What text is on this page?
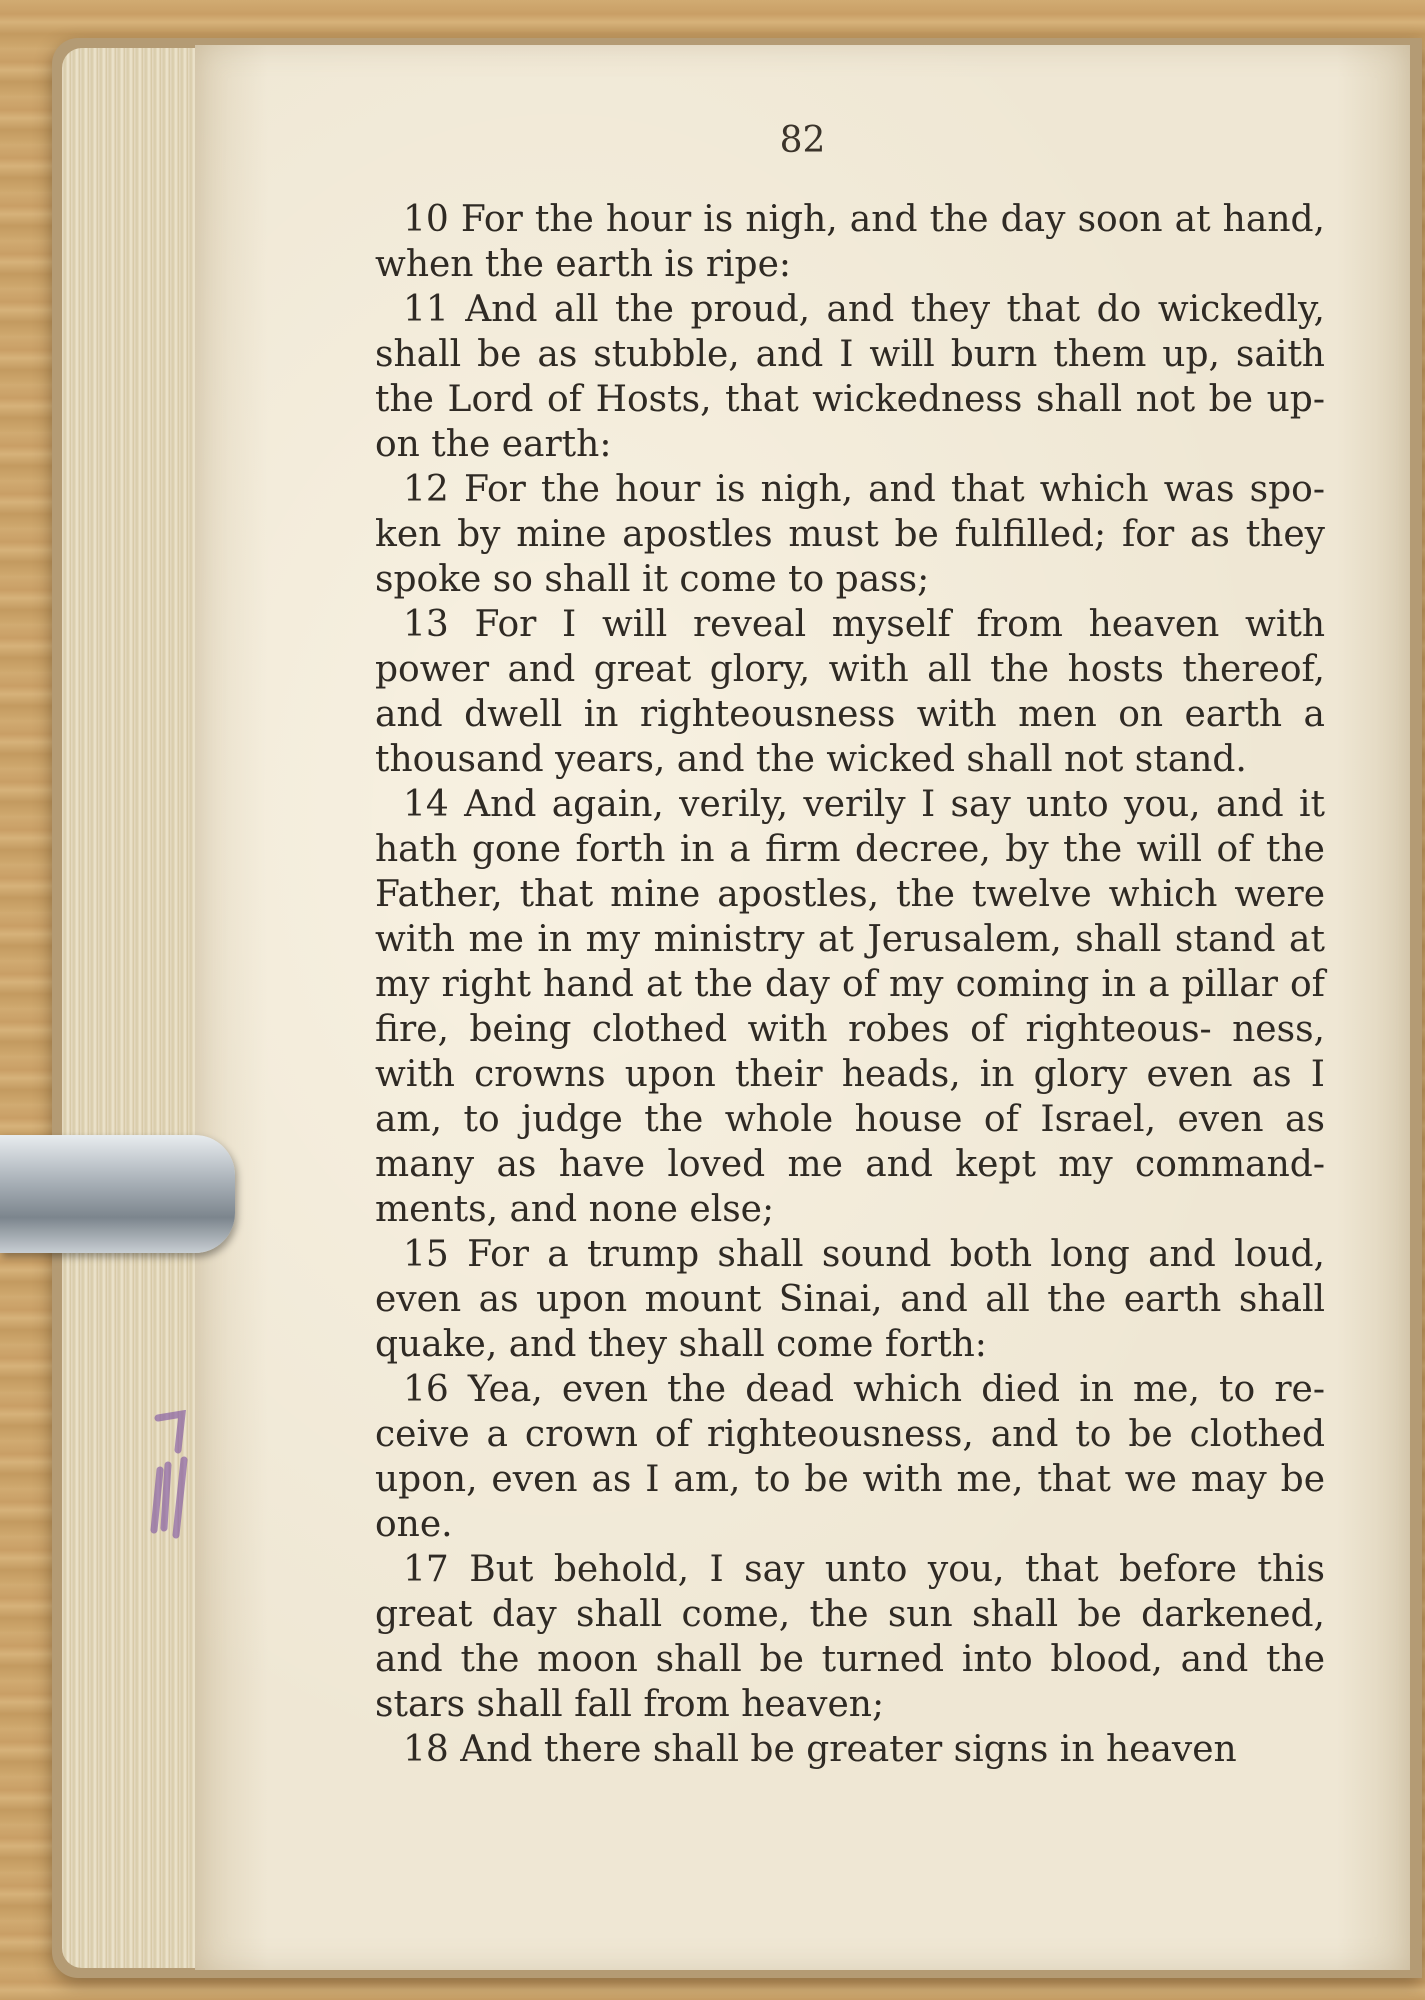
82

10 For the hour is nigh, and the day soon at hand, when the earth is ripe:

11 And all the proud, and they that do wickedly, shall be as stubble, and I will burn them up, saith the Lord of Hosts, that wickedness shall not be up- on the earth:

12 For the hour is nigh, and that which was spo- ken by mine apostles must be fulfilled; for as they spoke so shall it come to pass;

13 For I will reveal myself from heaven with power and great glory, with all the hosts thereof, and dwell in righteousness with men on earth a thousand years, and the wicked shall not stand.

14 And again, verily, verily I say unto you, and it hath gone forth in a firm decree, by the will of the Father, that mine apostles, the twelve which were with me in my ministry at Jerusalem, shall stand at my right hand at the day of my coming in a pillar of fire, being clothed with robes of righteous- ness, with crowns upon their heads, in glory even as I am, to judge the whole house of Israel, even as many as have loved me and kept my command- ments, and none else;

15 For a trump shall sound both long and loud, even as upon mount Sinai, and all the earth shall quake, and they shall come forth:

16 Yea, even the dead which died in me, to re- ceive a crown of righteousness, and to be clothed upon, even as I am, to be with me, that we may be one.

17 But behold, I say unto you, that before this great day shall come, the sun shall be darkened, and the moon shall be turned into blood, and the stars shall fall from heaven;

18 And there shall be greater signs in heaven
